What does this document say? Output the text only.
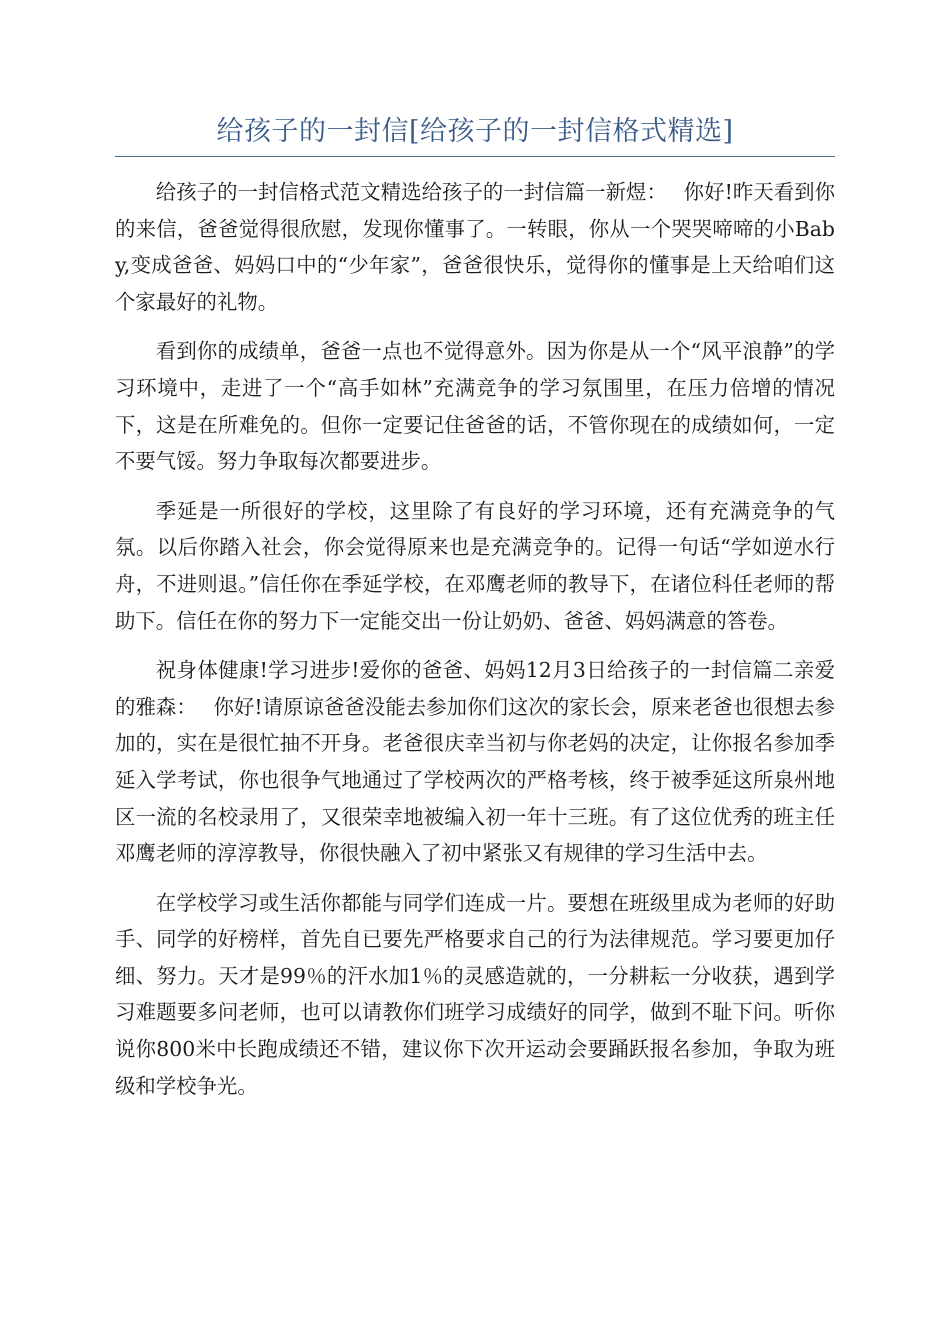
给孩子的一封信[给孩子的一封信格式精选]

给孩子的一封信格式范文精选给孩子的一封信篇一新煜：　 你好!昨天看到你的来信，爸爸觉得很欣慰，发现你懂事了。一转眼，你从一个哭哭啼啼的小Baby,变成爸爸、妈妈口中的“少年家”，爸爸很快乐，觉得你的懂事是上天给咱们这个家最好的礼物。

看到你的成绩单，爸爸一点也不觉得意外。因为你是从一个“风平浪静”的学习环境中，走进了一个“高手如林”充满竞争的学习氛围里，在压力倍增的情况下，这是在所难免的。但你一定要记住爸爸的话，不管你现在的成绩如何，一定不要气馁。努力争取每次都要进步。

季延是一所很好的学校，这里除了有良好的学习环境，还有充满竞争的气氛。以后你踏入社会，你会觉得原来也是充满竞争的。记得一句话“学如逆水行舟，不进则退。”信任你在季延学校，在邓鹰老师的教导下，在诸位科任老师的帮助下。信任在你的努力下一定能交出一份让奶奶、爸爸、妈妈满意的答卷。

祝身体健康!学习进步!爱你的爸爸、妈妈12月3日给孩子的一封信篇二亲爱的雅森：　 你好!请原谅爸爸没能去参加你们这次的家长会，原来老爸也很想去参加的，实在是很忙抽不开身。老爸很庆幸当初与你老妈的决定，让你报名参加季延入学考试，你也很争气地通过了学校两次的严格考核，终于被季延这所泉州地区一流的名校录用了，又很荣幸地被编入初一年十三班。有了这位优秀的班主任邓鹰老师的淳淳教导，你很快融入了初中紧张又有规律的学习生活中去。

在学校学习或生活你都能与同学们连成一片。要想在班级里成为老师的好助手、同学的好榜样，首先自已要先严格要求自己的行为法律规范。学习要更加仔细、努力。天才是99％的汗水加1％的灵感造就的，一分耕耘一分收获，遇到学习难题要多问老师，也可以请教你们班学习成绩好的同学，做到不耻下问。听你说你800米中长跑成绩还不错，建议你下次开运动会要踊跃报名参加，争取为班级和学校争光。
